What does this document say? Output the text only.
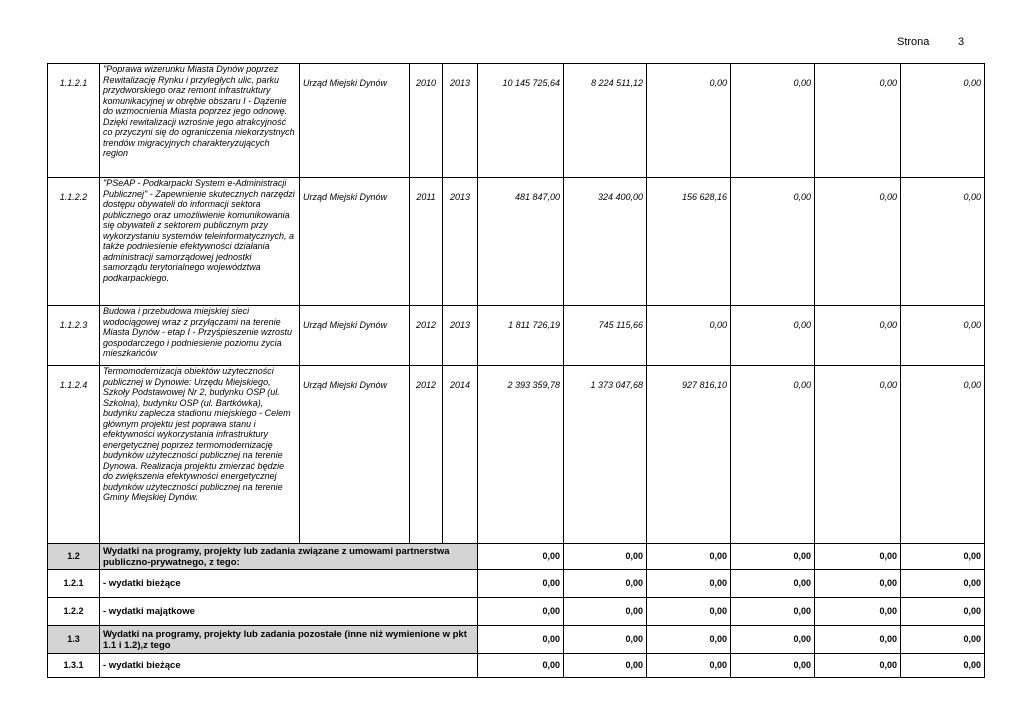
Strona	3
1.1.2.1	"Poprawa wizerunku Miasta Dynów poprzez Rewitalizację Rynku i przyległych ulic, parku przydworskiego oraz remont infrastruktury komunikacyjnej w obrębie obszaru I - Dążenie do wzmocnienia Miasta poprzez jego odnowę. Dzięki rewitalizacji wzrośnie jego atrakcyjność co przyczyni się do ograniczenia niekorzystnych trendów migracyjnych charakteryzujących region	Urząd Miejski Dynów	2010	2013	10 145 725,64	8 224 511,12	0,00	0,00	0,00	0,00
1.1.2.2	"PSeAP - Podkarpacki System e-Administracji Publicznej" - Zapewnienie skutecznych narzędzi dostępu obywateli do informacji sektora publicznego oraz umożliwienie komunikowania się obywateli z sektorem publicznym przy wykorzystaniu systemów teleinformatycznych, a także podniesienie efektywności działania administracji samorządowej jednostki samorządu terytorialnego województwa podkarpackiego.	Urząd Miejski Dynów	2011	2013	481 847,00	324 400,00	156 628,16	0,00	0,00	0,00
1.1.2.3	Budowa i przebudowa miejskiej sieci wodociągowej wraz z przyłączami na terenie Miasta Dynów - etap I - Przyśpieszenie wzrostu gospodarczego i podniesienie poziomu życia mieszkańców	Urząd Miejski Dynów	2012	2013	1 811 726,19	745 115,66	0,00	0,00	0,00	0,00
1.1.2.4	Termomodernizacja obiektów użyteczności publicznej w Dynowie: Urzędu Miejskiego, Szkoły Podstawowej Nr 2, budynku OSP (ul. Szkolna), budynku OSP (ul. Bartkówka), budynku zaplecza stadionu miejskiego - Celem głównym projektu jest poprawa stanu i efektywności wykorzystania infrastruktury energetycznej poprzez termomodernizację budynków użyteczności publicznej na terenie Dynowa. Realizacja projektu zmierzać będzie do zwiększenia efektywności energetycznej budynków użyteczności publicznej na terenie Gminy Miejskiej Dynów.	Urząd Miejski Dynów	2012	2014	2 393 359,78	1 373 047,68	927 816,10	0,00	0,00	0,00
1.2	Wydatki na programy, projekty lub zadania związane z umowami partnerstwa publiczno-prywatnego, z tego:				0,00	0,00	0,00	0,00	0,00	0,00
1.2.1	- wydatki bieżące				0,00	0,00	0,00	0,00	0,00	0,00
1.2.2	- wydatki majątkowe				0,00	0,00	0,00	0,00	0,00	0,00
1.3	Wydatki na programy, projekty lub zadania pozostałe (inne niż wymienione w pkt 1.1 i 1.2),z tego				0,00	0,00	0,00	0,00	0,00	0,00
1.3.1	- wydatki bieżące				0,00	0,00	0,00	0,00	0,00	0,00
